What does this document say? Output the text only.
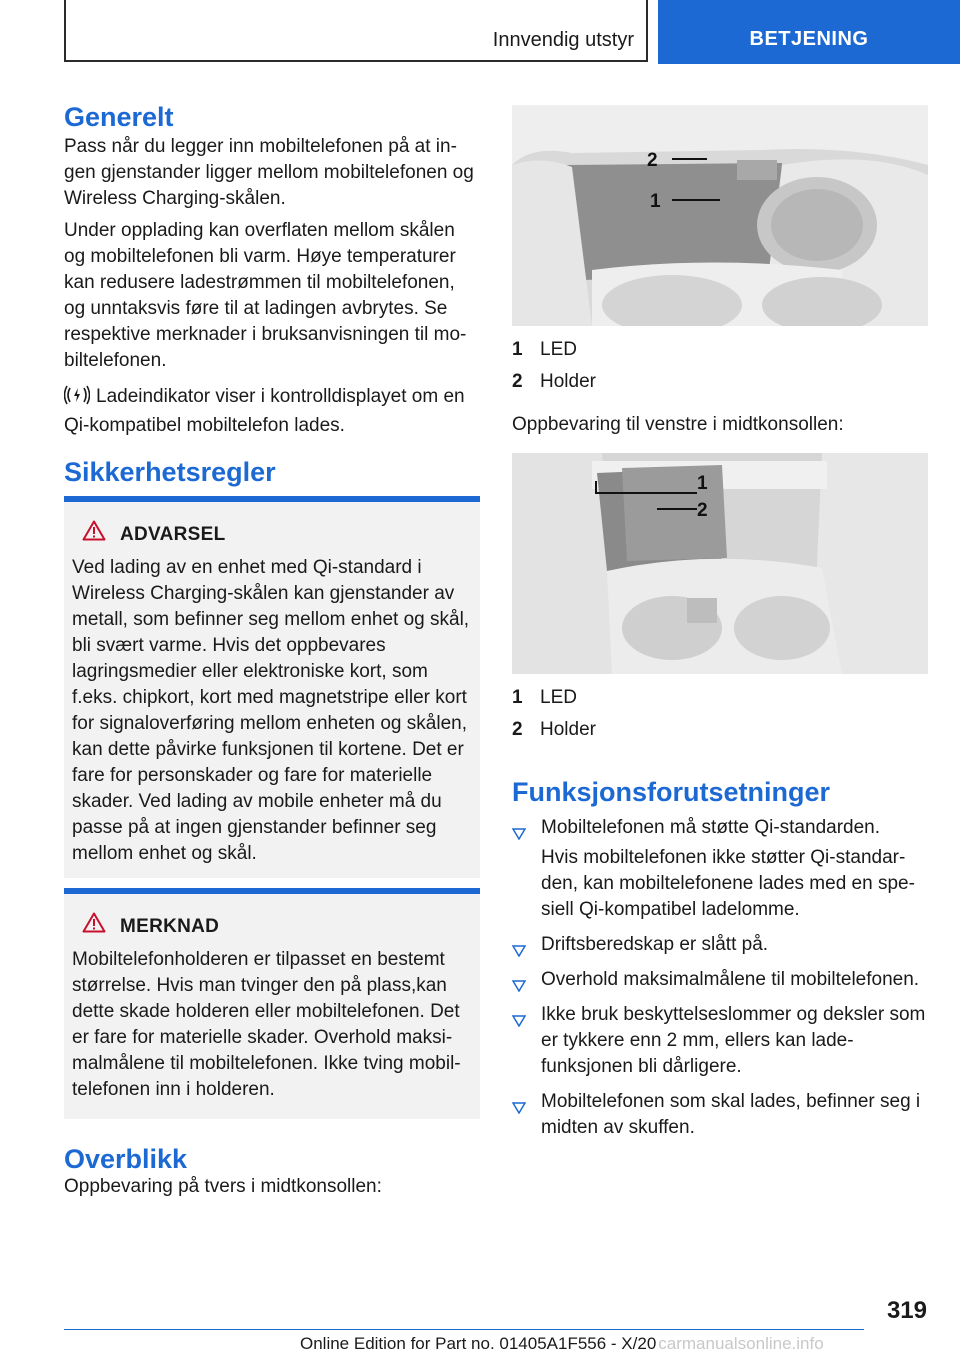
Innvendig utstyr	BETJENING
Generelt

Pass når du legger inn mobiltelefonen på at ingen gjenstander ligger mellom mobiltelefonen og Wireless Charging-skålen.

Under opplading kan overflaten mellom skålen og mobiltelefonen bli varm. Høye temperaturer kan redusere ladestrømmen til mobiltelefonen, og unntaksvis føre til at ladingen avbrytes. Se respektive merknader i bruksanvisningen til mobiltelefonen.

Ladeindikator viser i kontrolldisplayet om en Qi-kompatibel mobiltelefon lades.

Sikkerhetsregler
ADVARSEL

Ved lading av en enhet med Qi-standard i Wireless Charging-skålen kan gjenstander av metall, som befinner seg mellom enhet og skål, bli svært varme. Hvis det oppbevares lagringsmedier eller elektroniske kort, som f.eks. chipkort, kort med magnetstripe eller kort for signaloverføring mellom enheten og skålen, kan dette påvirke funksjonen til kortene. Det er fare for personskader og fare for materielle skader. Ved lading av mobile enheter må du passe på at ingen gjenstander befinner seg mellom enhet og skål.

MERKNAD

Mobiltelefonholderen er tilpasset en bestemt størrelse. Hvis man tvinger den på plass,kan dette skade holderen eller mobiltelefonen. Det er fare for materielle skader. Overhold maksimalmålene til mobiltelefonen. Ikke tving mobiltelefonen inn i holderen.

Overblikk

Oppbevaring på tvers i midtkonsollen:

2
1
1 LED
2 Holder

Oppbevaring til venstre i midtkonsollen:

1
2
1 LED
2 Holder
Funksjonsforutsetninger
Mobiltelefonen må støtte Qi-standarden.

Hvis mobiltelefonen ikke støtter Qi-standarden, kan mobiltelefonene lades med en spesiell Qi-kompatibel ladelomme.

Driftsberedskap er slått på.
Overhold maksimalmålene til mobiltelefonen.
Ikke bruk beskyttelseslommer og deksler som er tykkere enn 2 mm, ellers kan ladefunksjonen bli dårligere.
Mobiltelefonen som skal lades, befinner seg i midten av skuffen.
319
Online Edition for Part no. 01405A1F556 - X/20 carmanualsonline.info
